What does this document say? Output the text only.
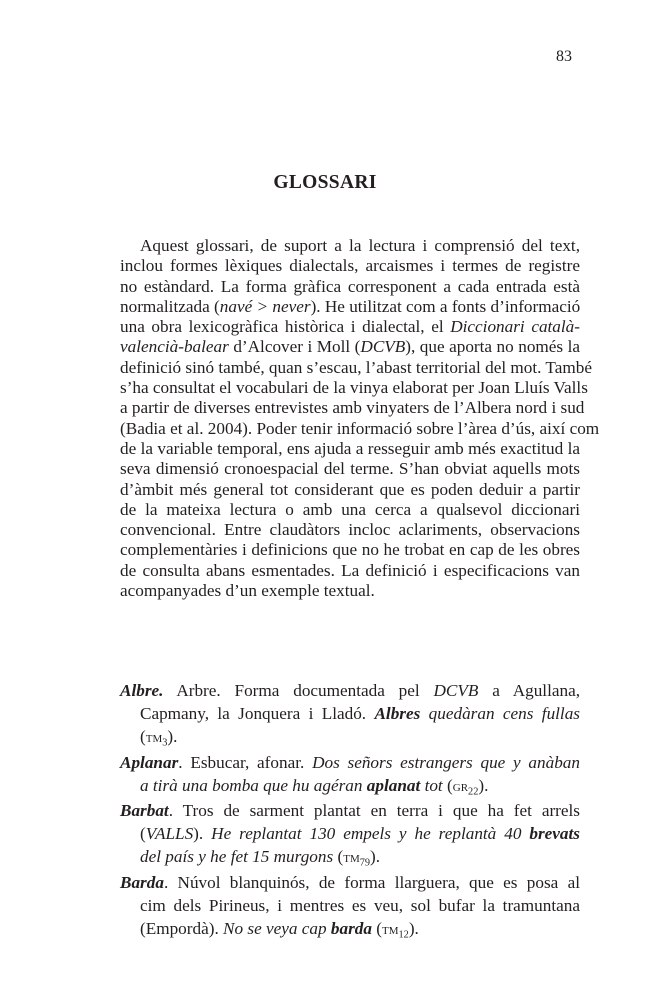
83
GLOSSARI
Aquest glossari, de suport a la lectura i comprensió del text,
inclou formes lèxiques dialectals, arcaismes i termes de registre
no estàndard. La forma gràfica corresponent a cada entrada està
normalitzada (navé > never). He utilitzat com a fonts d’informació
una obra lexicogràfica històrica i dialectal, el Diccionari català-
valencià-balear d’Alcover i Moll (DCVB), que aporta no només la
definició sinó també, quan s’escau, l’abast territorial del mot. També
s’ha consultat el vocabulari de la vinya elaborat per Joan Lluís Valls
a partir de diverses entrevistes amb vinyaters de l’Albera nord i sud
(Badia et al. 2004). Poder tenir informació sobre l’àrea d’ús, així com
de la variable temporal, ens ajuda a resseguir amb més exactitud la
seva dimensió cronoespacial del terme. S’han obviat aquells mots
d’àmbit més general tot considerant que es poden deduir a partir
de la mateixa lectura o amb una cerca a qualsevol diccionari
convencional. Entre claudàtors incloc aclariments, observacions
complementàries i definicions que no he trobat en cap de les obres
de consulta abans esmentades. La definició i especificacions van
acompanyades d’un exemple textual.
Albre. Arbre. Forma documentada pel DCVB a Agullana,
Capmany, la Jonquera i Lladó. Albres quedàran cens fullas
$(tm_3)$.
Aplanar. Esbucar, afonar. Dos señors estrangers que y anàban
a tirà una bomba que hu agéran aplanat tot $(gr_{22})$.
Barbat. Tros de sarment plantat en terra i que ha fet arrels
(VALLS). He replantat 130 empels y he replantà 40 brevats
del país y he fet 15 murgons $(tm_{79})$.
Barda. Núvol blanquinós, de forma llarguera, que es posa al
cim dels Pirineus, i mentres es veu, sol bufar la tramuntana
(Empordà). No se veya cap barda $(tm_{12})$.
